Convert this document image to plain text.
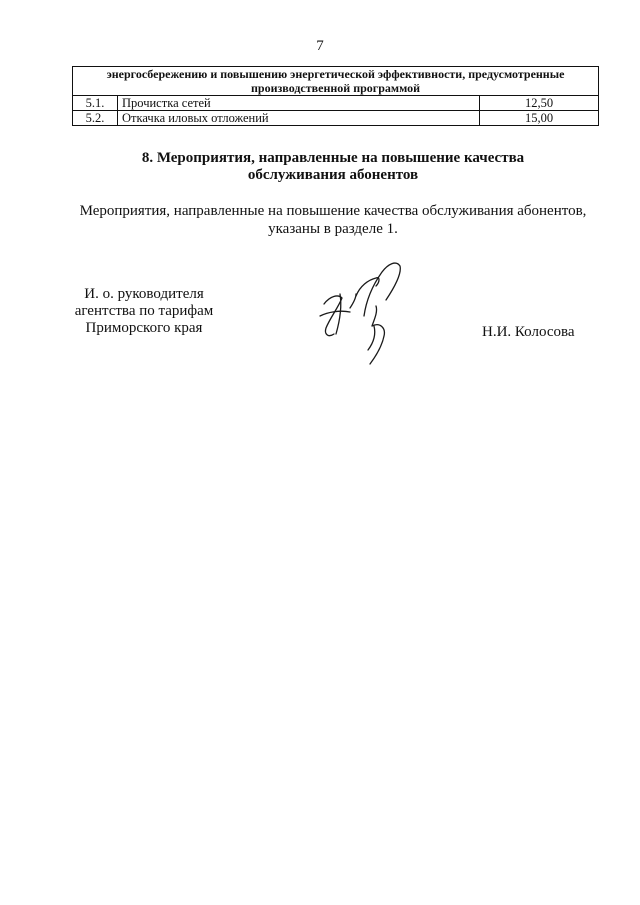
7
энергосбережению и повышению энергетической эффективности, предусмотренные
производственной программой		
5.1.	Прочистка сетей	12,50
5.2.	Откачка иловых отложений	15,00
8. Мероприятия, направленные на повышение качества
обслуживания абонентов
Мероприятия, направленные на повышение качества обслуживания абонентов,
указаны в разделе 1.
И. о. руководителя
агентства по тарифам
Приморского края	Н.И. Колосова
